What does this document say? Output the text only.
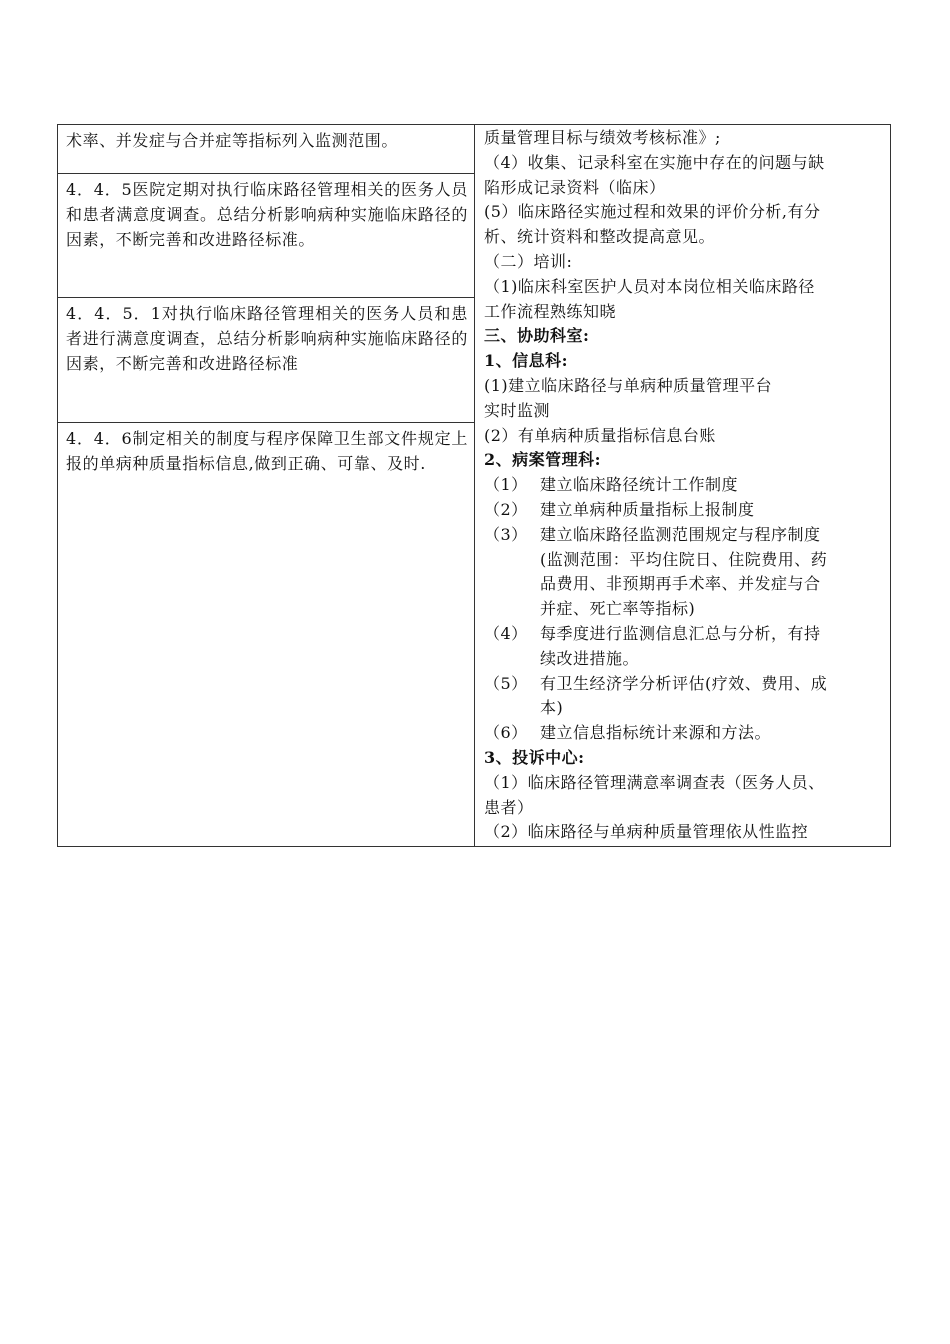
术率、并发症与合并症等指标列入监测范围。

4．4．5医院定期对执行临床路径管理相关的医务人员和患者满意度调查。总结分析影响病种实施临床路径的因素，不断完善和改进路径标准。

4．4．5．1对执行临床路径管理相关的医务人员和患者进行满意度调查，总结分析影响病种实施临床路径的因素，不断完善和改进路径标准

4．4．6制定相关的制度与程序保障卫生部文件规定上报的单病种质量指标信息,做到正确、可靠、及时.

质量管理目标与绩效考核标准》;
（4）收集、记录科室在实施中存在的问题与缺
陷形成记录资料（临床）
(5）临床路径实施过程和效果的评价分析,有分
析、统计资料和整改提高意见。
（二）培训:
（1)临床科室医护人员对本岗位相关临床路径
工作流程熟练知晓
三、协助科室:
1、信息科:
(1)建立临床路径与单病种质量管理平台
实时监测
(2）有单病种质量指标信息台账
2、病案管理科:
（1） 建立临床路径统计工作制度
（2） 建立单病种质量指标上报制度
（3） 建立临床路径监测范围规定与程序制度
(监测范围：平均住院日、住院费用、药
品费用、非预期再手术率、并发症与合
并症、死亡率等指标)
（4） 每季度进行监测信息汇总与分析，有持
续改进措施。
（5） 有卫生经济学分析评估(疗效、费用、成
本)
（6） 建立信息指标统计来源和方法。
3、投诉中心:
（1）临床路径管理满意率调查表（医务人员、
患者）
（2）临床路径与单病种质量管理依从性监控
